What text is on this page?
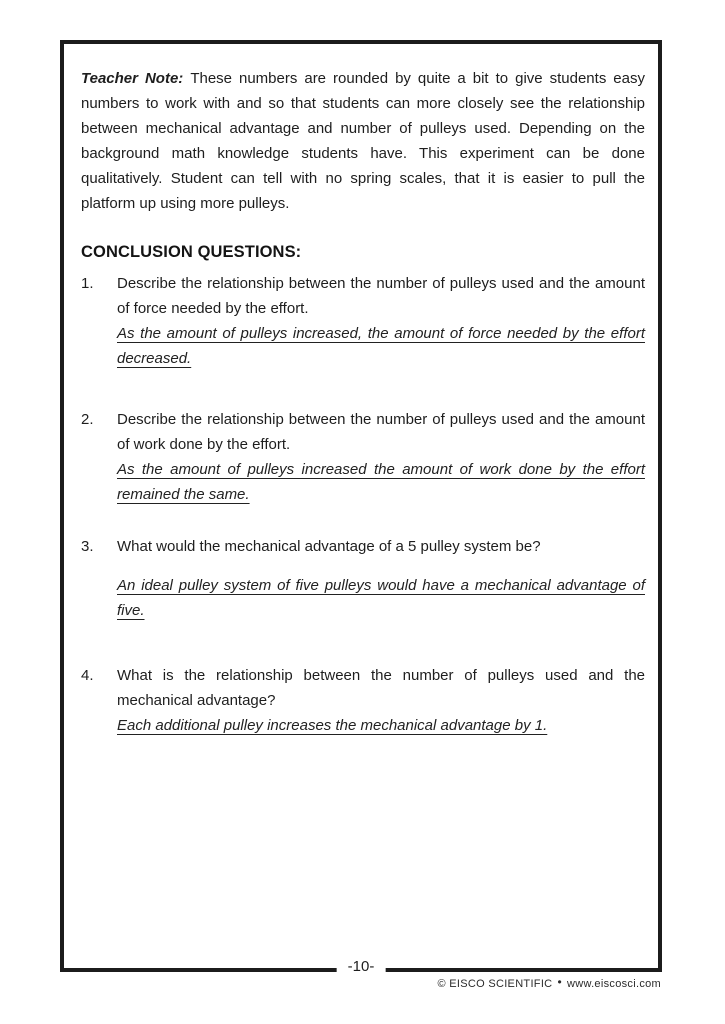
Teacher Note: These numbers are rounded by quite a bit to give students easy numbers to work with and so that students can more closely see the relationship between mechanical advantage and number of pulleys used. Depending on the background math knowledge students have. This experiment can be done qualitatively. Student can tell with no spring scales, that it is easier to pull the platform up using more pulleys.

CONCLUSION QUESTIONS:
1.	Describe the relationship between the number of pulleys used and the amount of force needed by the effort.

As the amount of pulleys increased, the amount of force needed by the effort decreased.

2.	Describe the relationship between the number of pulleys used and the amount of work done by the effort.

As the amount of pulleys increased the amount of work done by the effort remained the same.

3.	What would the mechanical advantage of a 5 pulley system be?

An ideal pulley system of five pulleys would have a mechanical advantage of five.

4.	What is the relationship between the number of pulleys used and the mechanical advantage?

Each additional pulley increases the mechanical advantage by 1.

-10-
© EISCO SCIENTIFIC • www.eiscosci.com
